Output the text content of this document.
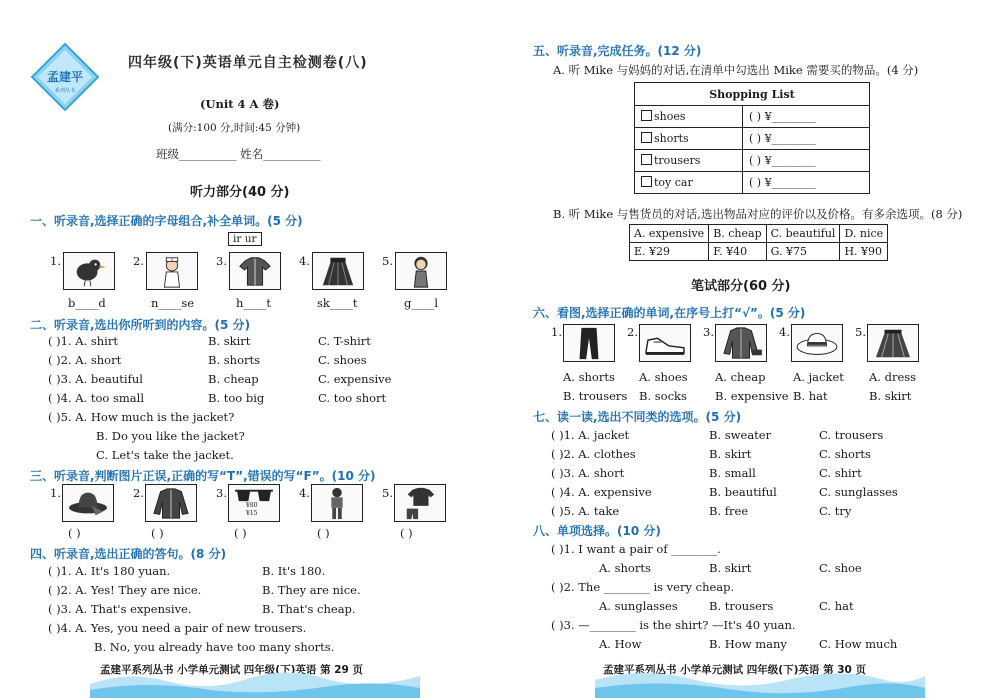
孟建平
系列丛书
四年级(下)英语单元自主检测卷(八)
(Unit 4 A 卷)
(满分:100 分,时间:45 分钟)
班级__________ 姓名__________
听力部分(40 分)
一、听录音,选择正确的字母组合,补全单词。(5 分)
ir ur
1.	2.	3.	4.	5.
b____d	n____se	h____t	sk____t	g____l
二、听录音,选出你所听到的内容。(5 分)
( )1. A. shirt	B. skirt	C. T-shirt
( )2. A. short	B. shorts	C. shoes
( )3. A. beautiful	B. cheap	C. expensive
( )4. A. too small	B. too big	C. too short
( )5. A. How much is the jacket?
B. Do you like the jacket?
C. Let's take the jacket.
三、听录音,判断图片正误,正确的写“T”,错误的写“F”。(10 分)
1.	2.	3.
¥80
¥15
4.	5.
( )	( )	( )	( )	( )
四、听录音,选出正确的答句。(8 分)
( )1. A. It's 180 yuan.	B. It's 180.
( )2. A. Yes! They are nice.	B. They are nice.
( )3. A. That's expensive.	B. That's cheap.
( )4. A. Yes, you need a pair of new trousers.
B. No, you already have too many shorts.
孟建平系列丛书 小学单元测试 四年级(下)英语 第 29 页
五、听录音,完成任务。(12 分)
A. 听 Mike 与妈妈的对话,在清单中勾选出 Mike 需要买的物品。(4 分)
Shopping List	
shoes	( ) ¥________
shorts	( ) ¥________
trousers	( ) ¥________
toy car	( ) ¥________
B. 听 Mike 与售货员的对话,选出物品对应的评价以及价格。有多余选项。(8 分)
A. expensive	B. cheap	C. beautiful	D. nice
E. ¥29	F. ¥40	G. ¥75	H. ¥90
笔试部分(60 分)
六、看图,选择正确的单词,在序号上打“√”。(5 分)
1.	2.	3.	4.	5.
A. shorts A. shoes A. cheap A. jacket A. dress
B. trousers B. socks B. expensive B. hat	B. skirt
七、读一读,选出不同类的选项。(5 分)
( )1. A. jacket	B. sweater	C. trousers
( )2. A. clothes	B. skirt	C. shorts
( )3. A. short	B. small	C. shirt
( )4. A. expensive	B. beautiful	C. sunglasses
( )5. A. take	B. free	C. try
八、单项选择。(10 分)
( )1. I want a pair of ________.
A. shorts	B. skirt	C. shoe
( )2. The ________ is very cheap.
A. sunglasses	B. trousers	C. hat
( )3. —________ is the shirt? —It's 40 yuan.
A. How	B. How many	C. How much
孟建平系列丛书 小学单元测试 四年级(下)英语 第 30 页
